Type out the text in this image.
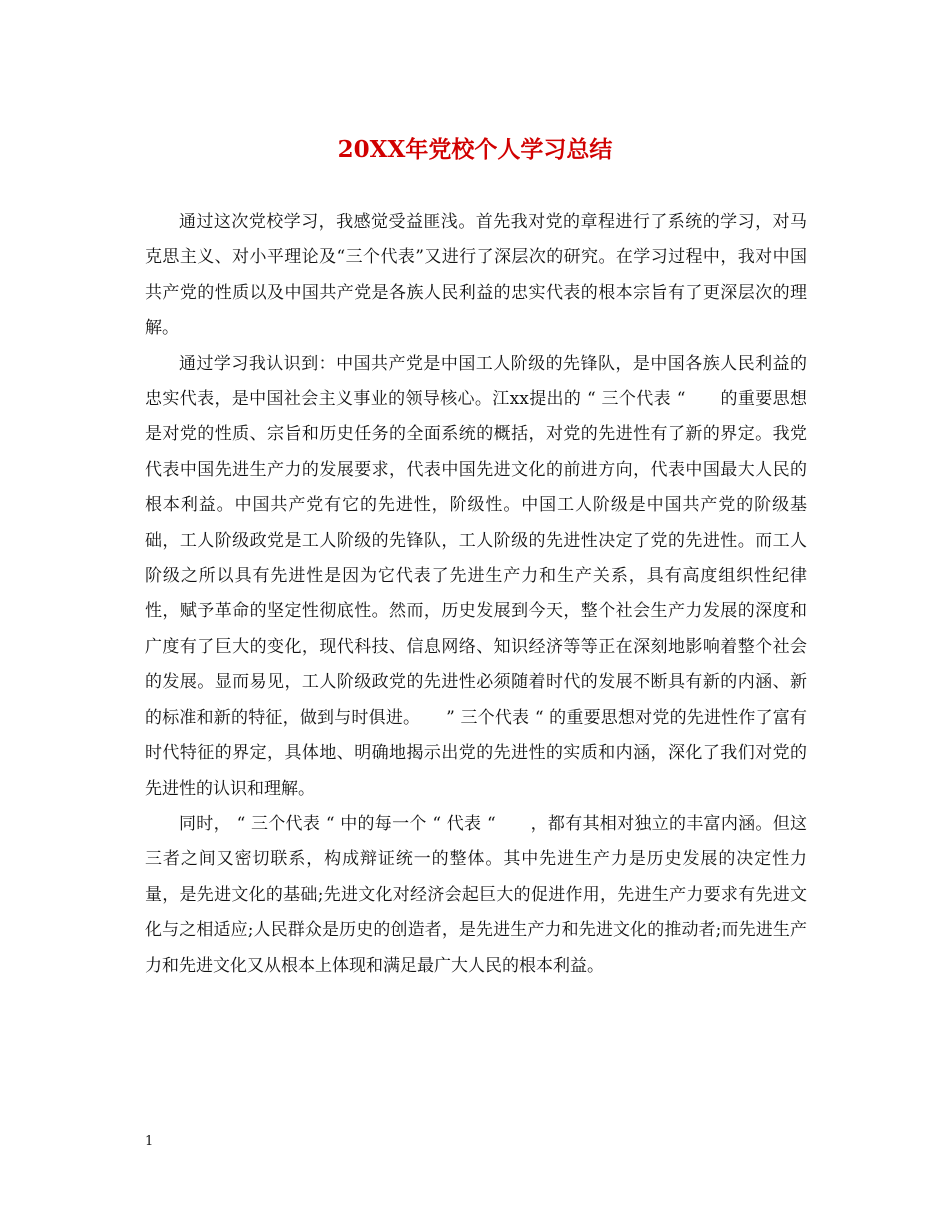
20XX年党校个人学习总结

通过这次党校学习，我感觉受益匪浅。首先我对党的章程进行了系统的学习，对马克思主义、对小平理论及“三个代表”又进行了深层次的研究。在学习过程中，我对中国共产党的性质以及中国共产党是各族人民利益的忠实代表的根本宗旨有了更深层次的理解。

通过学习我认识到：中国共产党是中国工人阶级的先锋队，是中国各族人民利益的忠实代表，是中国社会主义事业的领导核心。江xx提出的 “ 三个代表 “　　的重要思想是对党的性质、宗旨和历史任务的全面系统的概括，对党的先进性有了新的界定。我党代表中国先进生产力的发展要求，代表中国先进文化的前进方向，代表中国最大人民的根本利益。中国共产党有它的先进性，阶级性。中国工人阶级是中国共产党的阶级基础，工人阶级政党是工人阶级的先锋队，工人阶级的先进性决定了党的先进性。而工人阶级之所以具有先进性是因为它代表了先进生产力和生产关系，具有高度组织性纪律性，赋予革命的坚定性彻底性。然而，历史发展到今天，整个社会生产力发展的深度和广度有了巨大的变化，现代科技、信息网络、知识经济等等正在深刻地影响着整个社会的发展。显而易见，工人阶级政党的先进性必须随着时代的发展不断具有新的内涵、新的标准和新的特征，做到与时俱进。　　” 三个代表 “ 的重要思想对党的先进性作了富有时代特征的界定，具体地、明确地揭示出党的先进性的实质和内涵，深化了我们对党的先进性的认识和理解。

同时， “ 三个代表 “ 中的每一个 “ 代表 “　　，都有其相对独立的丰富内涵。但这三者之间又密切联系，构成辩证统一的整体。其中先进生产力是历史发展的决定性力量，是先进文化的基础;先进文化对经济会起巨大的促进作用，先进生产力要求有先进文化与之相适应;人民群众是历史的创造者，是先进生产力和先进文化的推动者;而先进生产力和先进文化又从根本上体现和满足最广大人民的根本利益。

1
